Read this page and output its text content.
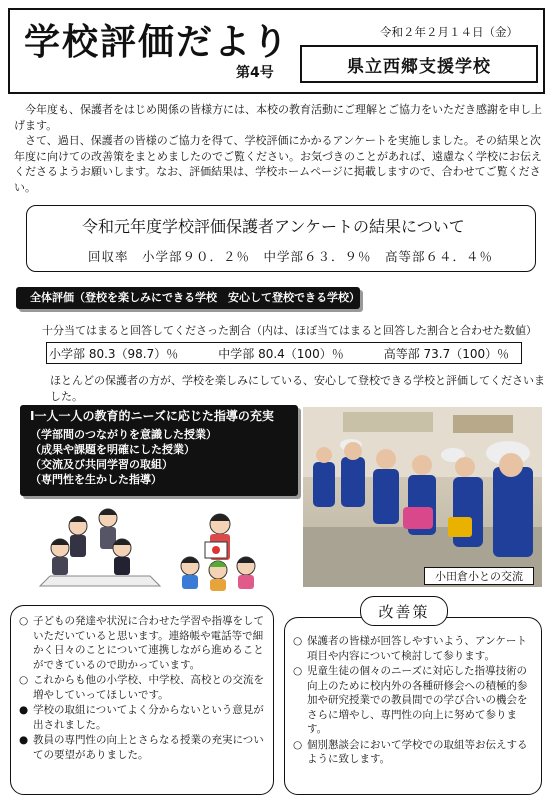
学校評価だより
第4号
令和２年２月１４日（金）
県立西郷支援学校

今年度も、保護者をはじめ関係の皆様方には、本校の教育活動にご理解とご協力をいただき感謝を申し上げます。

さて、過日、保護者の皆様のご協力を得て、学校評価にかかるアンケートを実施しました。その結果と次年度に向けての改善策をまとめましたのでご覧ください。お気づきのことがあれば、遠慮なく学校にお伝えくださるようお願いします。なお、評価結果は、学校ホームページに掲載しますので、合わせてご覧ください。

令和元年度学校評価保護者アンケートの結果について
回収率　小学部９０．２％　中学部６３．９％　高等部６４．４％
全体評価（登校を楽しみにできる学校　安心して登校できる学校）
十分当てはまると回答してくださった割合（内は、ほぼ当てはまると回答した割合と合わせた数値）
小学部 80.3（98.7）％	中学部 80.4（100）％	高等部 73.7（100）％
ほとんどの保護者の方が、学校を楽しみにしている、安心して登校できる学校と評価してくださいました。
Ⅰ一人一人の教育的ニーズに応じた指導の充実
（学部間のつながりを意識した授業）
（成果や課題を明確にした授業）
（交流及び共同学習の取組）
（専門性を生かした指導）
小田倉小との交流
○ 子どもの発達や状況に合わせた学習や指導をしていただいていると思います。連絡帳や電話等で細かく日々のことについて連携しながら進めることができているので助かっています。
○ これからも他の小学校、中学校、高校との交流を増やしていってほしいです。
● 学校の取組についてよく分からないという意見が出されました。
● 教員の専門性の向上とさらなる授業の充実についての要望がありました。
○ 保護者の皆様が回答しやすいよう、アンケート項目や内容について検討して参ります。
○ 児童生徒の個々のニーズに対応した指導技術の向上のために校内外の各種研修会への積極的参加や研究授業での教員間での学び合いの機会をさらに増やし、専門性の向上に努めて参ります。
○ 個別懇談会において学校での取組等お伝えするように致します。
改善策
